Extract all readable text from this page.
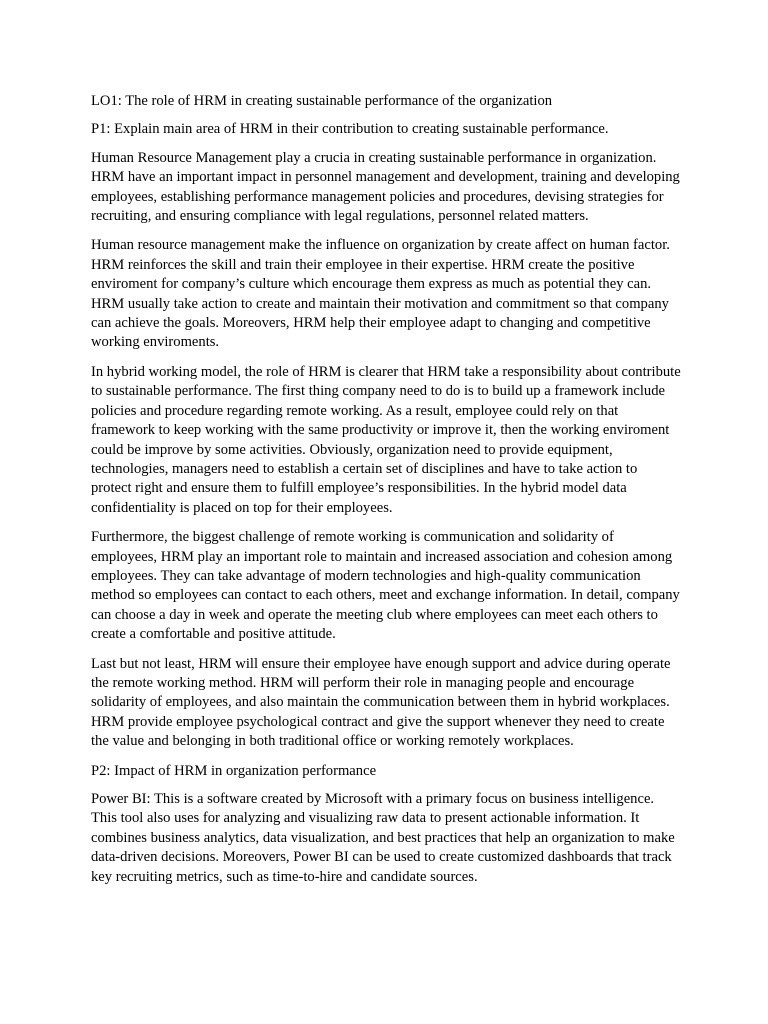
LO1: The role of HRM in creating sustainable performance of the organization

P1: Explain main area of HRM in their contribution to creating sustainable performance.

Human Resource Management play a crucia in creating sustainable performance in organization. HRM have an important impact in personnel management and development, training and developing employees, establishing performance management policies and procedures, devising strategies for recruiting, and ensuring compliance with legal regulations, personnel related matters.

Human resource management make the influence on organization by create affect on human factor. HRM reinforces the skill and train their employee in their expertise. HRM create the positive enviroment for company’s culture which encourage them express as much as potential they can. HRM usually take action to create and maintain their motivation and commitment so that company can achieve the goals. Moreovers, HRM help their employee adapt to changing and competitive working enviroments.

In hybrid working model, the role of HRM is clearer that HRM take a responsibility about contribute to sustainable performance. The first thing company need to do is to build up a framework include policies and procedure regarding remote working. As a result, employee could rely on that framework to keep working with the same productivity or improve it, then the working enviroment could be improve by some activities. Obviously, organization need to provide equipment, technologies, managers need to establish a certain set of disciplines and have to take action to protect right and ensure them to fulfill employee’s responsibilities. In the hybrid model data confidentiality is placed on top for their employees.

Furthermore, the biggest challenge of remote working is communication and solidarity of employees, HRM play an important role to maintain and increased association and cohesion among employees. They can take advantage of modern technologies and high-quality communication method so employees can contact to each others, meet and exchange information. In detail, company can choose a day in week and operate the meeting club where employees can meet each others to create a comfortable and positive attitude.

Last but not least, HRM will ensure their employee have enough support and advice during operate the remote working method. HRM will perform their role in managing people and encourage solidarity of employees, and also maintain the communication between them in hybrid workplaces. HRM provide employee psychological contract and give the support whenever they need to create the value and belonging in both traditional office or working remotely workplaces.

P2: Impact of HRM in organization performance

Power BI: This is a software created by Microsoft with a primary focus on business intelligence. This tool also uses for analyzing and visualizing raw data to present actionable information. It combines business analytics, data visualization, and best practices that help an organization to make data-driven decisions. Moreovers, Power BI can be used to create customized dashboards that track key recruiting metrics, such as time-to-hire and candidate sources.
